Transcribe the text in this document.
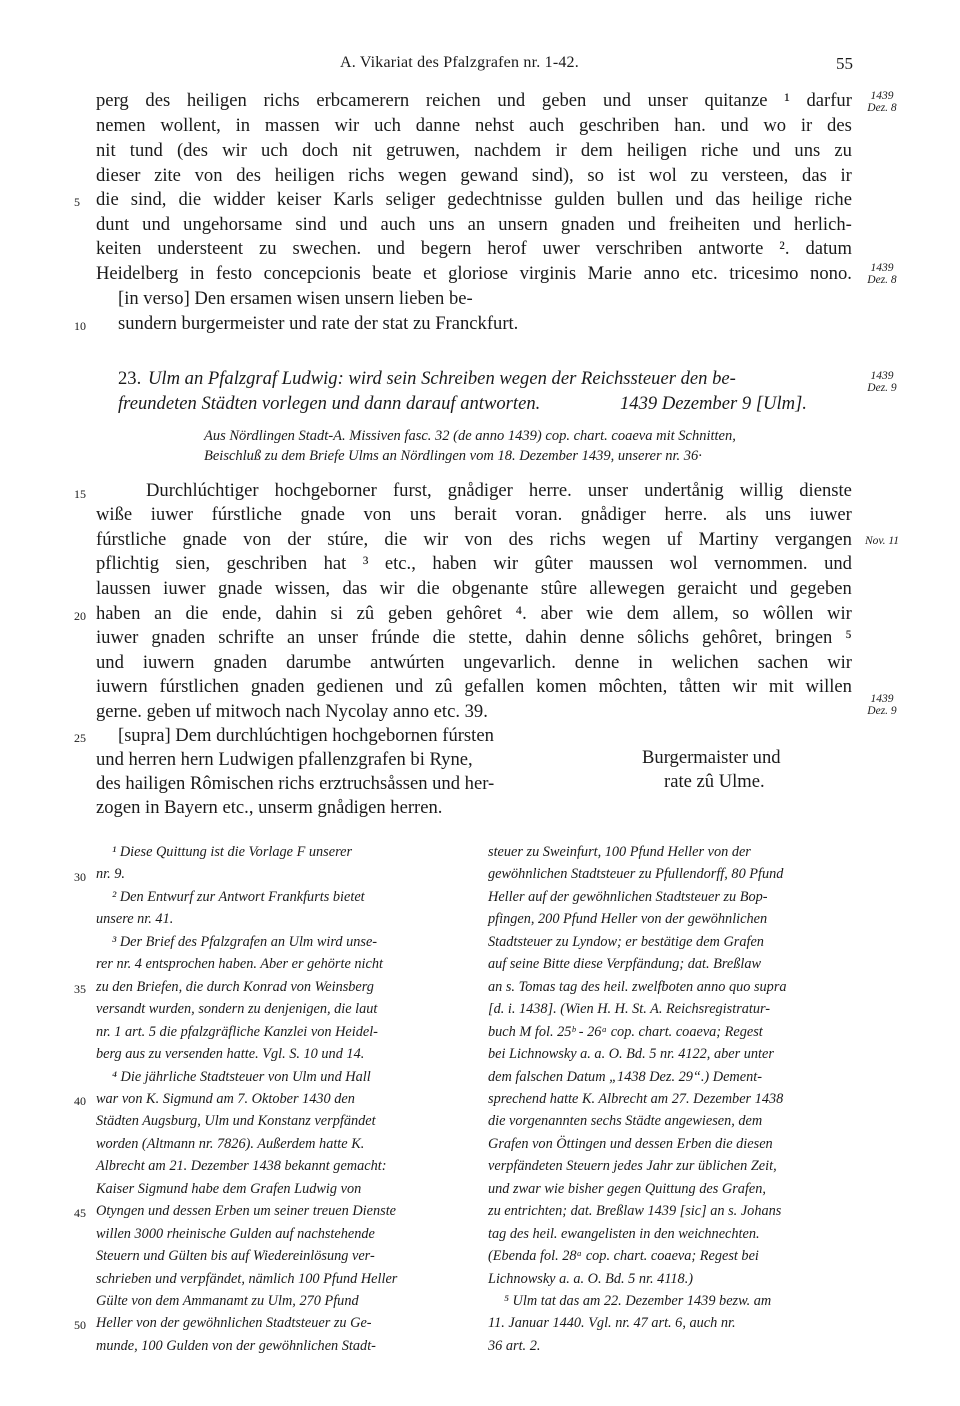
A. Vikariat des Pfalzgrafen nr. 1-42.	55
perg des heiligen richs erbcamerern reichen und geben und unser quitanze ¹ darfur
nemen wollent, in massen wir uch danne nehst auch geschriben han. und wo ir des
nit tund (des wir uch doch nit getruwen, nachdem ir dem heiligen riche und uns zu
dieser zite von des heiligen richs wegen gewand sind), so ist wol zu versteen, das ir
die sind, die widder keiser Karls seliger gedechtnisse gulden bullen und das heilige riche
dunt und ungehorsame sind und auch uns an unsern gnaden und freiheiten und herlich-
keiten understeent zu swechen. und begern herof uwer verschriben antworte ². datum
Heidelberg in festo concepcionis beate et gloriose virginis Marie anno etc. tricesimo nono.
[in verso] Den ersamen wisen unsern lieben be-
sundern burgermeister und rate der stat zu Franckfurt.
5
10
1439
Dez. 8
1439
Dez. 8
23. Ulm an Pfalzgraf Ludwig: wird sein Schreiben wegen der Reichssteuer den be-
freundeten Städten vorlegen und dann darauf antworten.	1439 Dezember 9 [Ulm].
1439
Dez. 9
Aus Nördlingen Stadt-A. Missiven fasc. 32 (de anno 1439) cop. chart. coaeva mit Schnitten,
Beischluß zu dem Briefe Ulms an Nördlingen vom 18. Dezember 1439, unserer nr. 36·
Durchlúchtiger hochgeborner furst, gnådiger herre. unser undertånig willig dienste
wiße iuwer fúrstliche gnade von uns berait voran. gnådiger herre. als uns iuwer
fúrstliche gnade von der stúre, die wir von des richs wegen uf Martiny vergangen
pflichtig sien, geschriben hat ³ etc., haben wir gûter maussen wol vernommen. und
laussen iuwer gnade wissen, das wir die obgenante stûre allewegen geraicht und gegeben
haben an die ende, dahin si zû geben gehôret ⁴. aber wie dem allem, so wôllen wir
iuwer gnaden schrifte an unser frúnde die stette, dahin denne sôlichs gehôret, bringen ⁵
und iuwern gnaden darumbe antwúrten ungevarlich. denne in welichen sachen wir
iuwern fúrstlichen gnaden gedienen und zû gefallen komen môchten, tåtten wir mit willen
gerne. geben uf mitwoch nach Nycolay anno etc. 39.
15
20
25
Nov. 11
1439
Dez. 9
[supra] Dem durchlúchtigen hochgebornen fúrsten
und herren hern Ludwigen pfallenzgrafen bi Ryne,
des hailigen Rômischen richs erztruchsåssen und her-
zogen in Bayern etc., unserm gnådigen herren.
Burgermaister und
rate zû Ulme.
¹ Diese Quittung ist die Vorlage F unserer
nr. 9.
² Den Entwurf zur Antwort Frankfurts bietet
unsere nr. 41.
³ Der Brief des Pfalzgrafen an Ulm wird unse-
rer nr. 4 entsprochen haben. Aber er gehörte nicht
zu den Briefen, die durch Konrad von Weinsberg
versandt wurden, sondern zu denjenigen, die laut
nr. 1 art. 5 die pfalzgräfliche Kanzlei von Heidel-
berg aus zu versenden hatte. Vgl. S. 10 und 14.
⁴ Die jährliche Stadtsteuer von Ulm und Hall
war von K. Sigmund am 7. Oktober 1430 den
Städten Augsburg, Ulm und Konstanz verpfändet
worden (Altmann nr. 7826). Außerdem hatte K.
Albrecht am 21. Dezember 1438 bekannt gemacht:
Kaiser Sigmund habe dem Grafen Ludwig von
Otyngen und dessen Erben um seiner treuen Dienste
willen 3000 rheinische Gulden auf nachstehende
Steuern und Gülten bis auf Wiedereinlösung ver-
schrieben und verpfändet, nämlich 100 Pfund Heller
Gülte von dem Ammanamt zu Ulm, 270 Pfund
Heller von der gewöhnlichen Stadtsteuer zu Ge-
munde, 100 Gulden von der gewöhnlichen Stadt-
30
35
40
45
50
steuer zu Sweinfurt, 100 Pfund Heller von der
gewöhnlichen Stadtsteuer zu Pfullendorff, 80 Pfund
Heller auf der gewöhnlichen Stadtsteuer zu Bop-
pfingen, 200 Pfund Heller von der gewöhnlichen
Stadtsteuer zu Lyndow; er bestätige dem Grafen
auf seine Bitte diese Verpfändung; dat. Breßlaw
an s. Tomas tag des heil. zwelfboten anno quo supra
[d. i. 1438]. (Wien H. H. St. A. Reichsregistratur-
buch M fol. 25ᵇ - 26ᵃ cop. chart. coaeva; Regest
bei Lichnowsky a. a. O. Bd. 5 nr. 4122, aber unter
dem falschen Datum „1438 Dez. 29“.) Dement-
sprechend hatte K. Albrecht am 27. Dezember 1438
die vorgenannten sechs Städte angewiesen, dem
Grafen von Öttingen und dessen Erben die diesen
verpfändeten Steuern jedes Jahr zur üblichen Zeit,
und zwar wie bisher gegen Quittung des Grafen,
zu entrichten; dat. Breßlaw 1439 [sic] an s. Johans
tag des heil. ewangelisten in den weichnechten.
(Ebenda fol. 28ᵃ cop. chart. coaeva; Regest bei
Lichnowsky a. a. O. Bd. 5 nr. 4118.)
⁵ Ulm tat das am 22. Dezember 1439 bezw. am
11. Januar 1440. Vgl. nr. 47 art. 6, auch nr.
36 art. 2.
